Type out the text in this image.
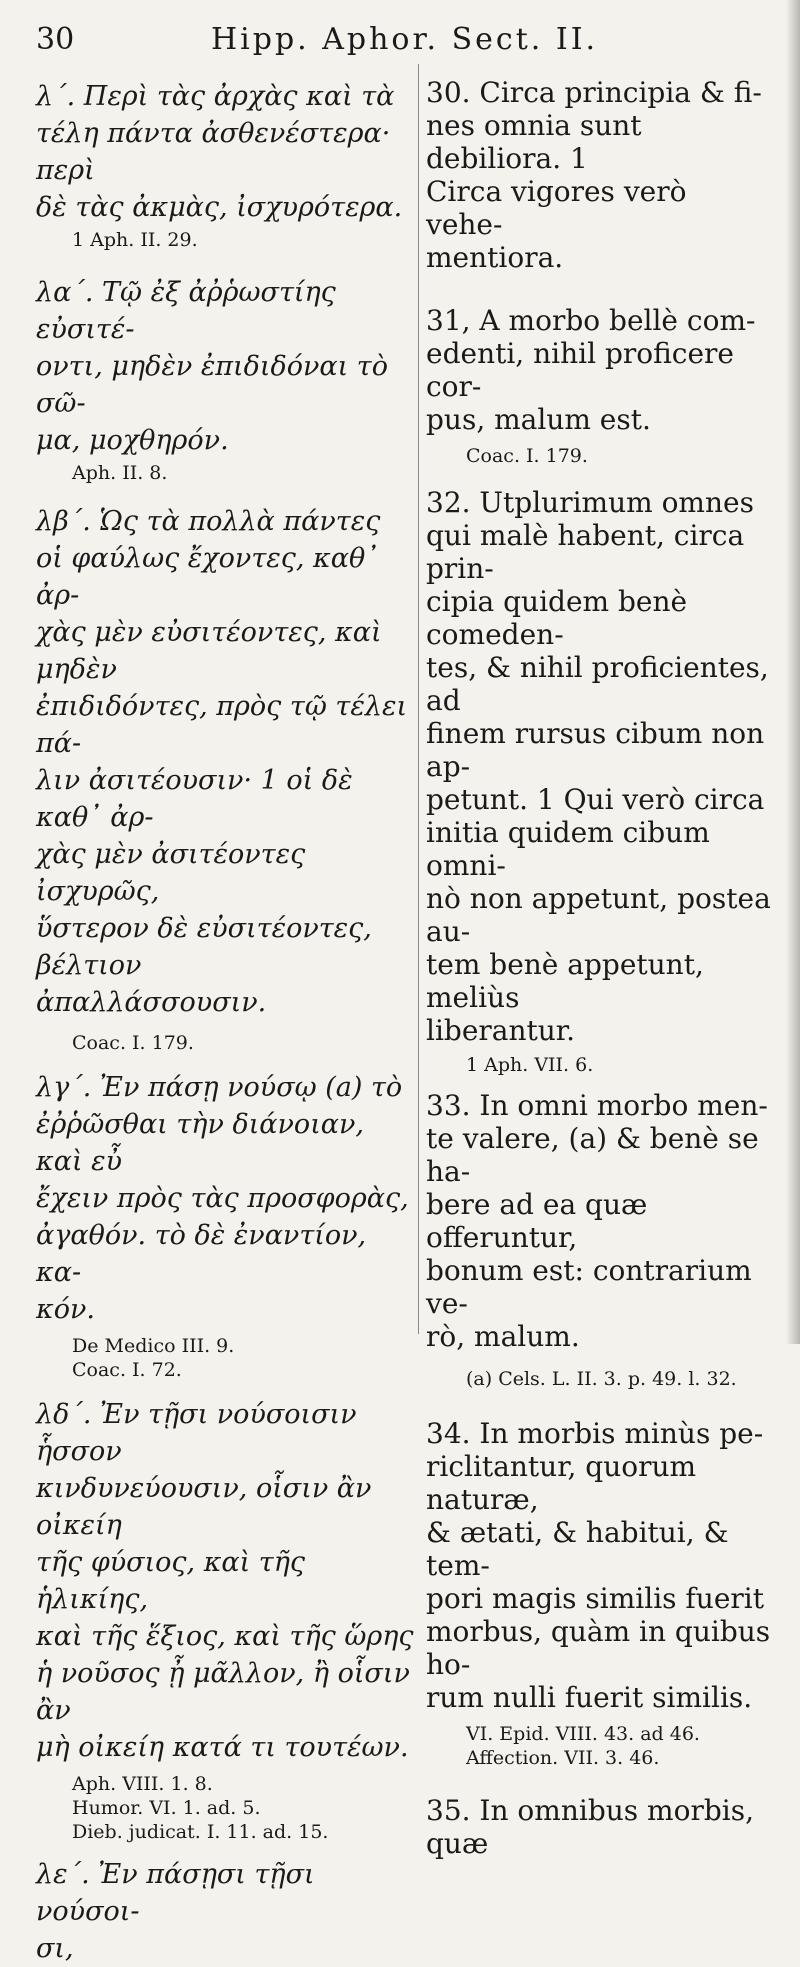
30	Hipp. Aphor. Sect. II.

λ΄. Περὶ τὰς ἀρχὰς καὶ τὰ
τέλη πάντα ἀσθενέστερα· περὶ
δὲ τὰς ἀκμὰς, ἰσχυρότερα.

1 Aph. II. 29.

λα΄. Τῷ ἐξ ἀῤῥωστίης εὐσιτέ-
οντι, μηδὲν ἐπιδιδόναι τὸ σῶ-
μα, μοχθηρόν.

Aph. II. 8.

λβ΄. Ὡς τὰ πολλὰ πάντες
οἱ φαύλως ἔχοντες, καθ᾽ ἀρ-
χὰς μὲν εὐσιτέοντες, καὶ μηδὲν
ἐπιδιδόντες, πρὸς τῷ τέλει πά-
λιν ἀσιτέουσιν· 1 οἱ δὲ καθ᾽ ἀρ-
χὰς μὲν ἀσιτέοντες ἰσχυρῶς,
ὕστερον δὲ εὐσιτέοντες, βέλτιον
ἀπαλλάσσουσιν.

Coac. I. 179.

λγ΄. Ἐν πάσῃ νούσῳ (a) τὸ
ἐῤῥῶσθαι τὴν διάνοιαν, καὶ εὖ
ἔχειν πρὸς τὰς προσφορὰς,
ἀγαθόν. τὸ δὲ ἐναντίον, κα-
κόν.

De Medico III. 9.
Coac. I. 72.

λδ΄. Ἐν τῇσι νούσοισιν ἧσσον
κινδυνεύουσιν, οἷσιν ἂν οἰκείη
τῆς φύσιος, καὶ τῆς ἡλικίης,
καὶ τῆς ἕξιος, καὶ τῆς ὥρης
ἡ νοῦσος ᾖ μᾶλλον, ἢ οἷσιν ἂν
μὴ οἰκείη κατά τι τουτέων.

Aph. VIII. 1. 8.
Humor. VI. 1. ad. 5.
Dieb. judicat. I. 11. ad. 15.

λε΄. Ἐν πάσῃσι τῇσι νούσοι-
σι,

30. Circa principia & fi-
nes omnia sunt debiliora. 1
Circa vigores verò vehe-
mentiora.

31, A morbo bellè com-
edenti, nihil proficere cor-
pus, malum est.

Coac. I. 179.

32. Utplurimum omnes
qui malè habent, circa prin-
cipia quidem benè comeden-
tes, & nihil proficientes, ad
finem rursus cibum non ap-
petunt. 1 Qui verò circa
initia quidem cibum omni-
nò non appetunt, postea au-
tem benè appetunt, meliùs
liberantur.

1 Aph. VII. 6.

33. In omni morbo men-
te valere, (a) & benè se ha-
bere ad ea quæ offeruntur,
bonum est: contrarium ve-
rò, malum.

(a) Cels. L. II. 3. p. 49. l. 32.

34. In morbis minùs pe-
riclitantur, quorum naturæ,
& ætati, & habitui, & tem-
pori magis similis fuerit
morbus, quàm in quibus ho-
rum nulli fuerit similis.

VI. Epid. VIII. 43. ad 46.
Affection. VII. 3. 46.

35. In omnibus morbis,
quæ
